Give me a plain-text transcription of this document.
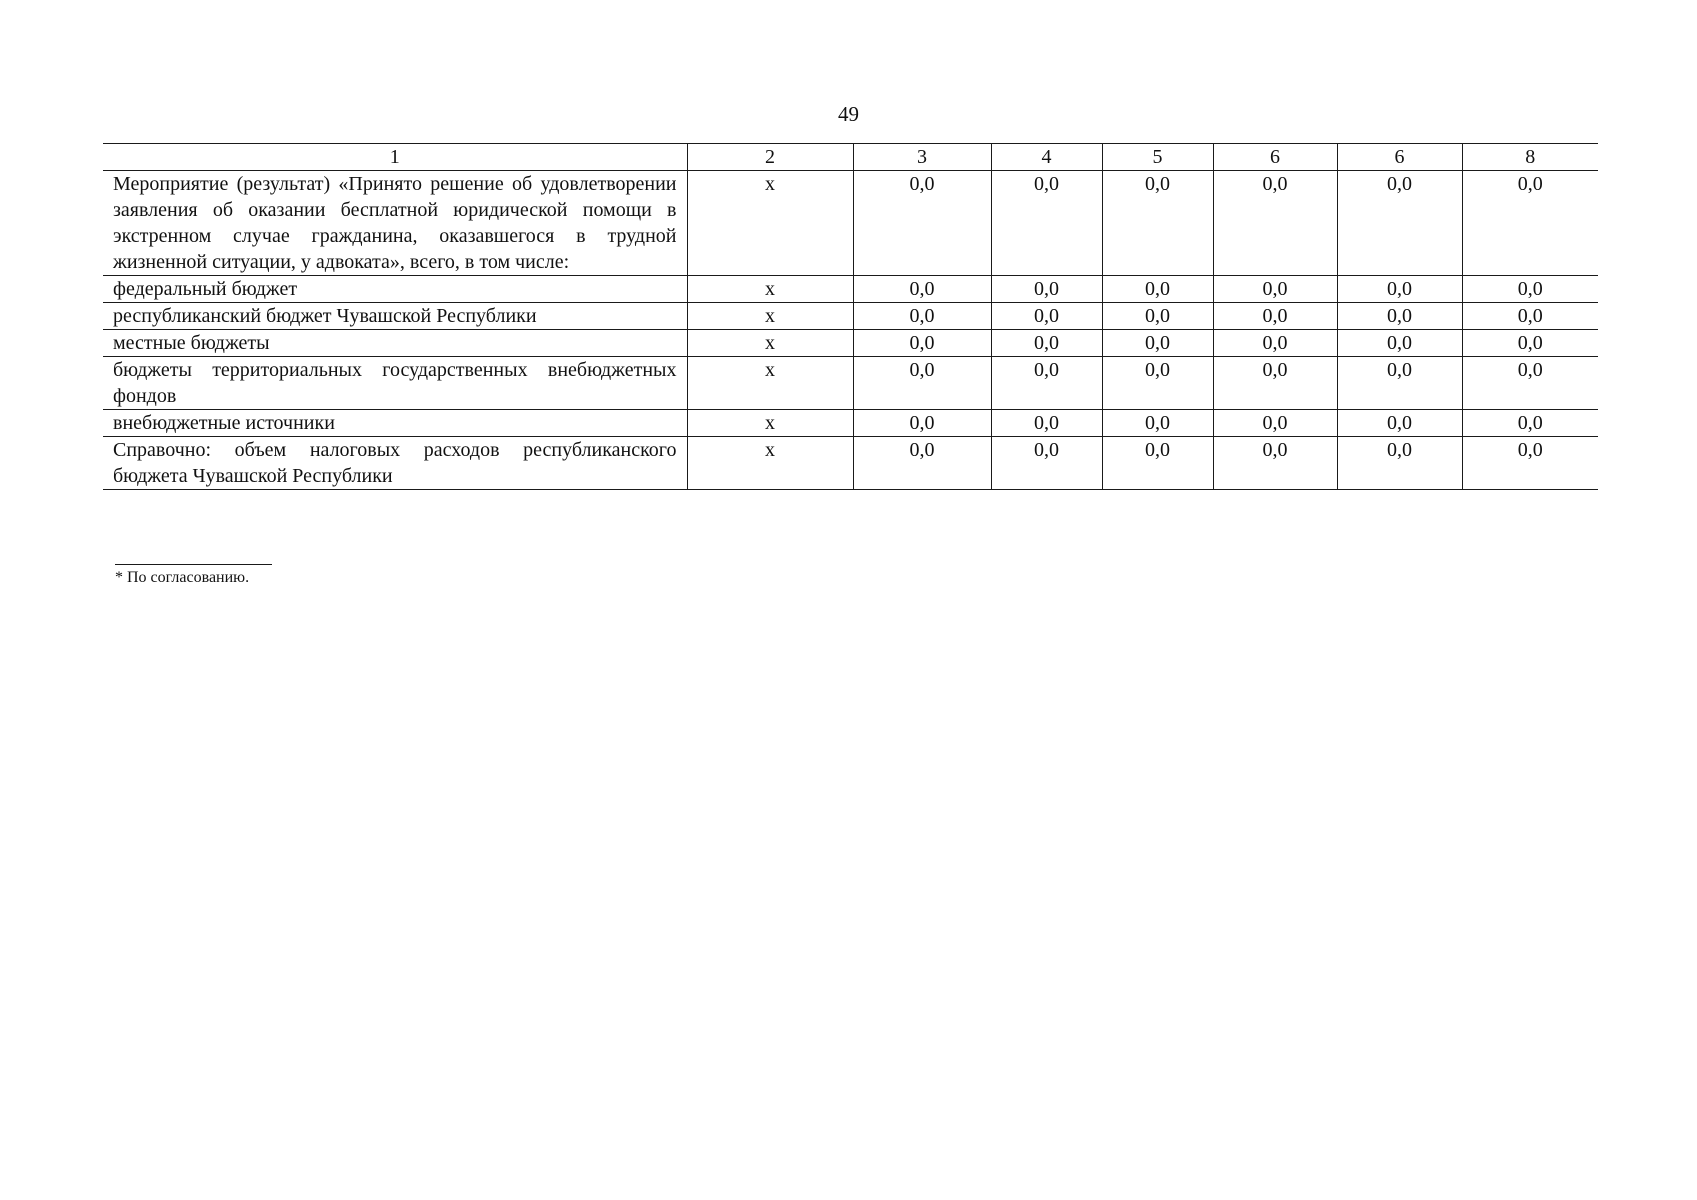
49
1	2	3	4	5	6	6	8
Мероприятие (результат) «Принято решение об удовлетворении заявления об оказании бесплатной юридической помощи в экстренном случае гражданина, оказавшегося в трудной жизненной ситуации, у адвоката», всего, в том числе:	х	0,0	0,0	0,0	0,0	0,0	0,0
федеральный бюджет	х	0,0	0,0	0,0	0,0	0,0	0,0
республиканский бюджет Чувашской Республики	х	0,0	0,0	0,0	0,0	0,0	0,0
местные бюджеты	х	0,0	0,0	0,0	0,0	0,0	0,0
бюджеты территориальных государственных внебюджетных фондов	х	0,0	0,0	0,0	0,0	0,0	0,0
внебюджетные источники	х	0,0	0,0	0,0	0,0	0,0	0,0
Справочно: объем налоговых расходов республиканского бюджета Чувашской Республики	х	0,0	0,0	0,0	0,0	0,0	0,0
* По согласованию.
